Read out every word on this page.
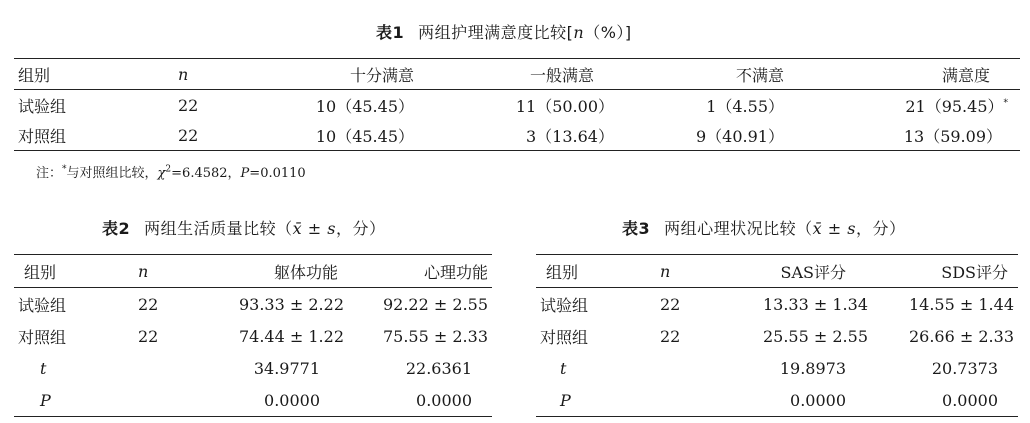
表1 两组护理满意度比较[n（%）]
组别	n	十分满意	一般满意	不满意	满意度
试验组	22	10（45.45）	11（50.00）	1（4.55）	21（95.45）*
对照组	22	10（45.45）	3（13.64）	9（40.91）	13（59.09）
注：*与对照组比较，$\chi^2=6.4582$，P=0.0110
表2 两组生活质量比较（x̄ ± s，分）
组别	n	躯体功能	心理功能
试验组	22	93.33 ± 2.22	92.22 ± 2.55
对照组	22	74.44 ± 1.22	75.55 ± 2.33
t		34.9771	22.6361
P		0.0000	0.0000
表3 两组心理状况比较（x̄ ± s，分）
组别	n	SAS评分	SDS评分
试验组	22	13.33 ± 1.34	14.55 ± 1.44
对照组	22	25.55 ± 2.55	26.66 ± 2.33
t		19.8973	20.7373
P		0.0000	0.0000
